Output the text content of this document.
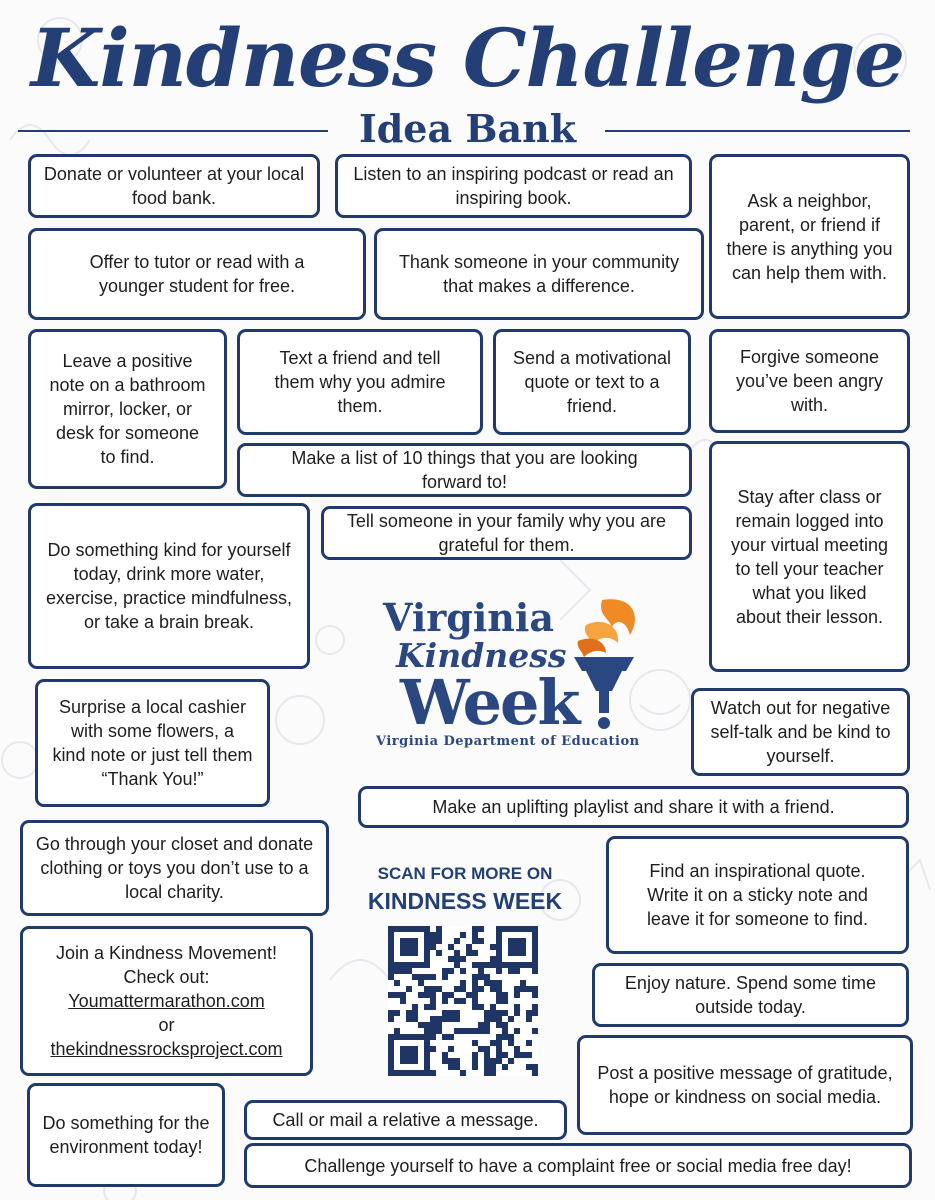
Kindness Challenge
Idea Bank
Donate or volunteer at your local food bank.
Listen to an inspiring podcast or read an inspiring book.	Ask a neighbor, parent, or friend if there is anything you can help them with.
Offer to tutor or read with a younger student for free.
Thank someone in your community that makes a difference.
Leave a positive note on a bathroom mirror, locker, or desk for someone to find.
Text a friend and tell them why you admire them.
Send a motivational quote or text to a friend.
Forgive someone you’ve been angry with.
Make a list of 10 things that you are looking forward to!
Stay after class or remain logged into your virtual meeting to tell your teacher what you liked about their lesson.
Do something kind for yourself today, drink more water, exercise, practice mindfulness, or take a brain break.
Tell someone in your family why you are grateful for them.
Surprise a local cashier with some flowers, a kind note or just tell them “Thank You!”
Watch out for negative self-talk and be kind to yourself.
Make an uplifting playlist and share it with a friend.
Go through your closet and donate clothing or toys you don’t use to a local charity.
Find an inspirational quote. Write it on a sticky note and leave it for someone to find.
Join a Kindness Movement! Check out:
Youmattermarathon.com
or
thekindnessrocksproject.com
Enjoy nature. Spend some time outside today.
Post a positive message of gratitude, hope or kindness on social media.
Do something for the environment today!
Call or mail a relative a message.
Challenge yourself to have a complaint free or social media free day!
Virginia
Kindness
Week
Virginia Department of Education
SCAN FOR MORE ON
KINDNESS WEEK
